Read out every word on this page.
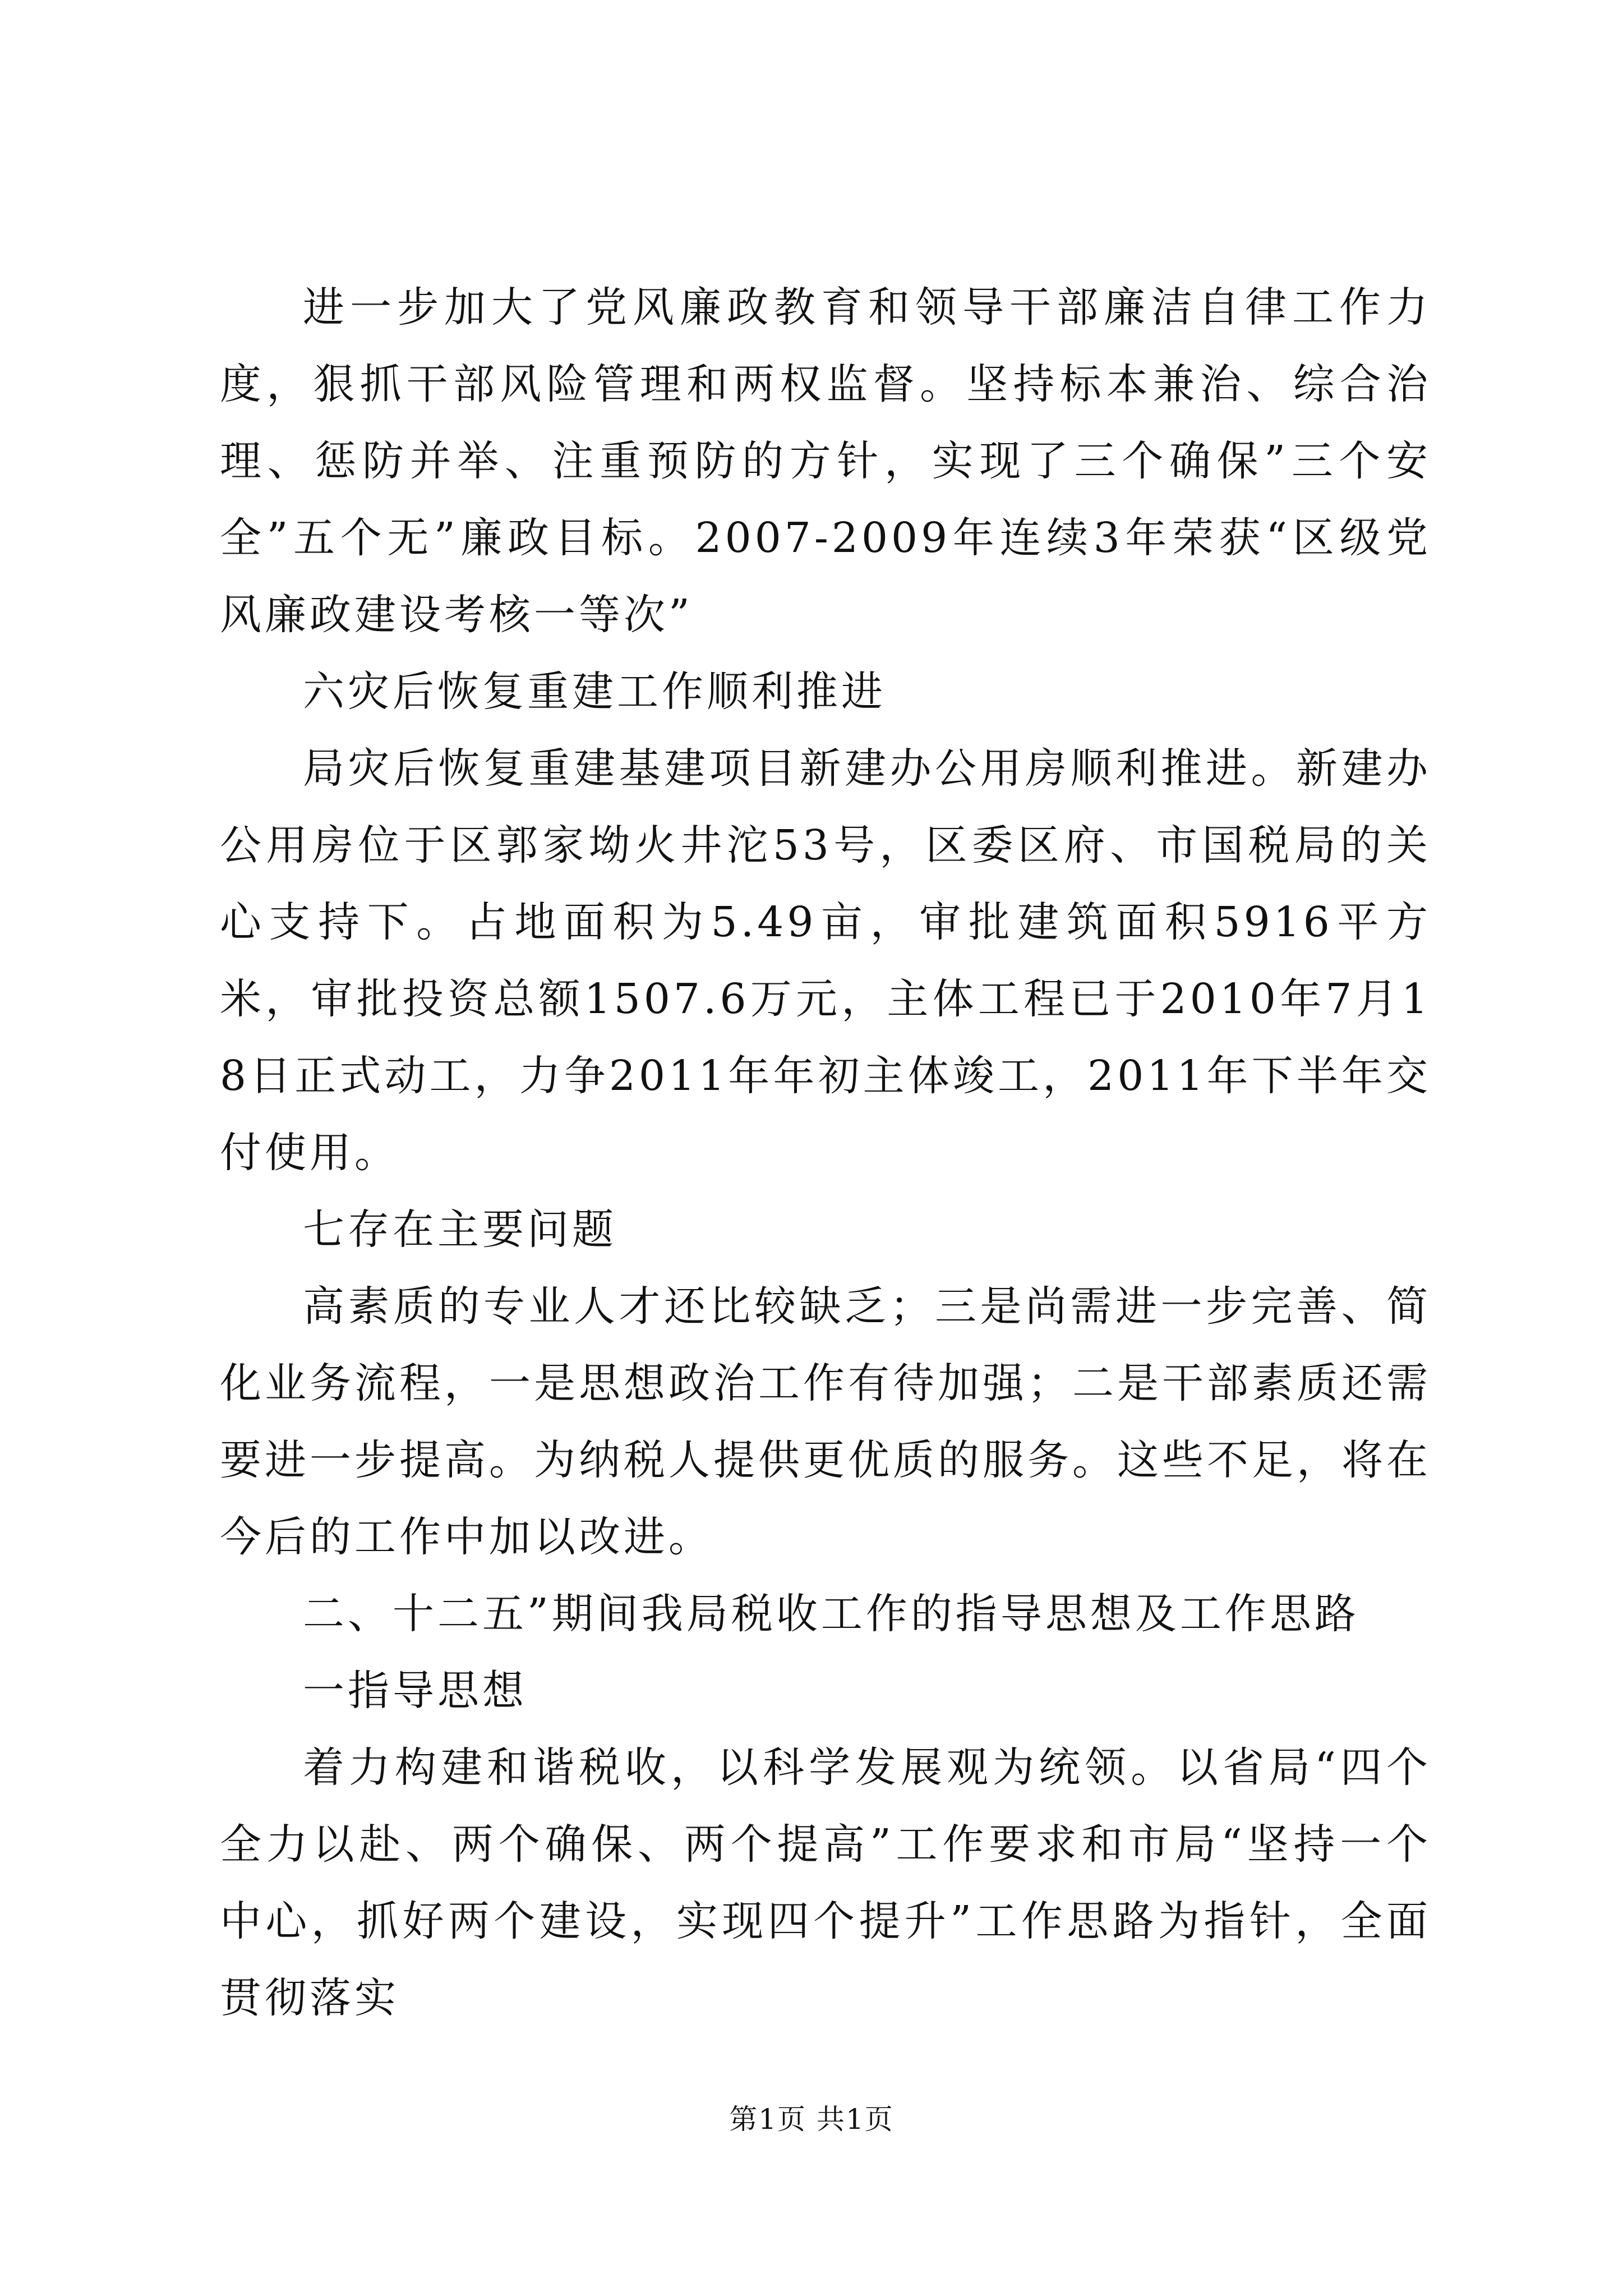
进一步加大了党风廉政教育和领导干部廉洁自律工作力度，狠抓干部风险管理和两权监督。坚持标本兼治、综合治理、惩防并举、注重预防的方针，实现了三个确保”三个安全”五个无”廉政目标。2007-2009年连续3年荣获“区级党风廉政建设考核一等次”

六灾后恢复重建工作顺利推进

局灾后恢复重建基建项目新建办公用房顺利推进。新建办公用房位于区郭家坳火井沱53号，区委区府、市国税局的关心支持下。占地面积为5.49亩，审批建筑面积5916平方米，审批投资总额1507.6万元，主体工程已于2010年7月18日正式动工，力争2011年年初主体竣工，2011年下半年交付使用。

七存在主要问题

高素质的专业人才还比较缺乏；三是尚需进一步完善、简化业务流程，一是思想政治工作有待加强；二是干部素质还需要进一步提高。为纳税人提供更优质的服务。这些不足，将在今后的工作中加以改进。

二、十二五”期间我局税收工作的指导思想及工作思路

一指导思想

着力构建和谐税收，以科学发展观为统领。以省局“四个全力以赴、两个确保、两个提高”工作要求和市局“坚持一个中心，抓好两个建设，实现四个提升”工作思路为指针，全面贯彻落实

第1页 共1页
